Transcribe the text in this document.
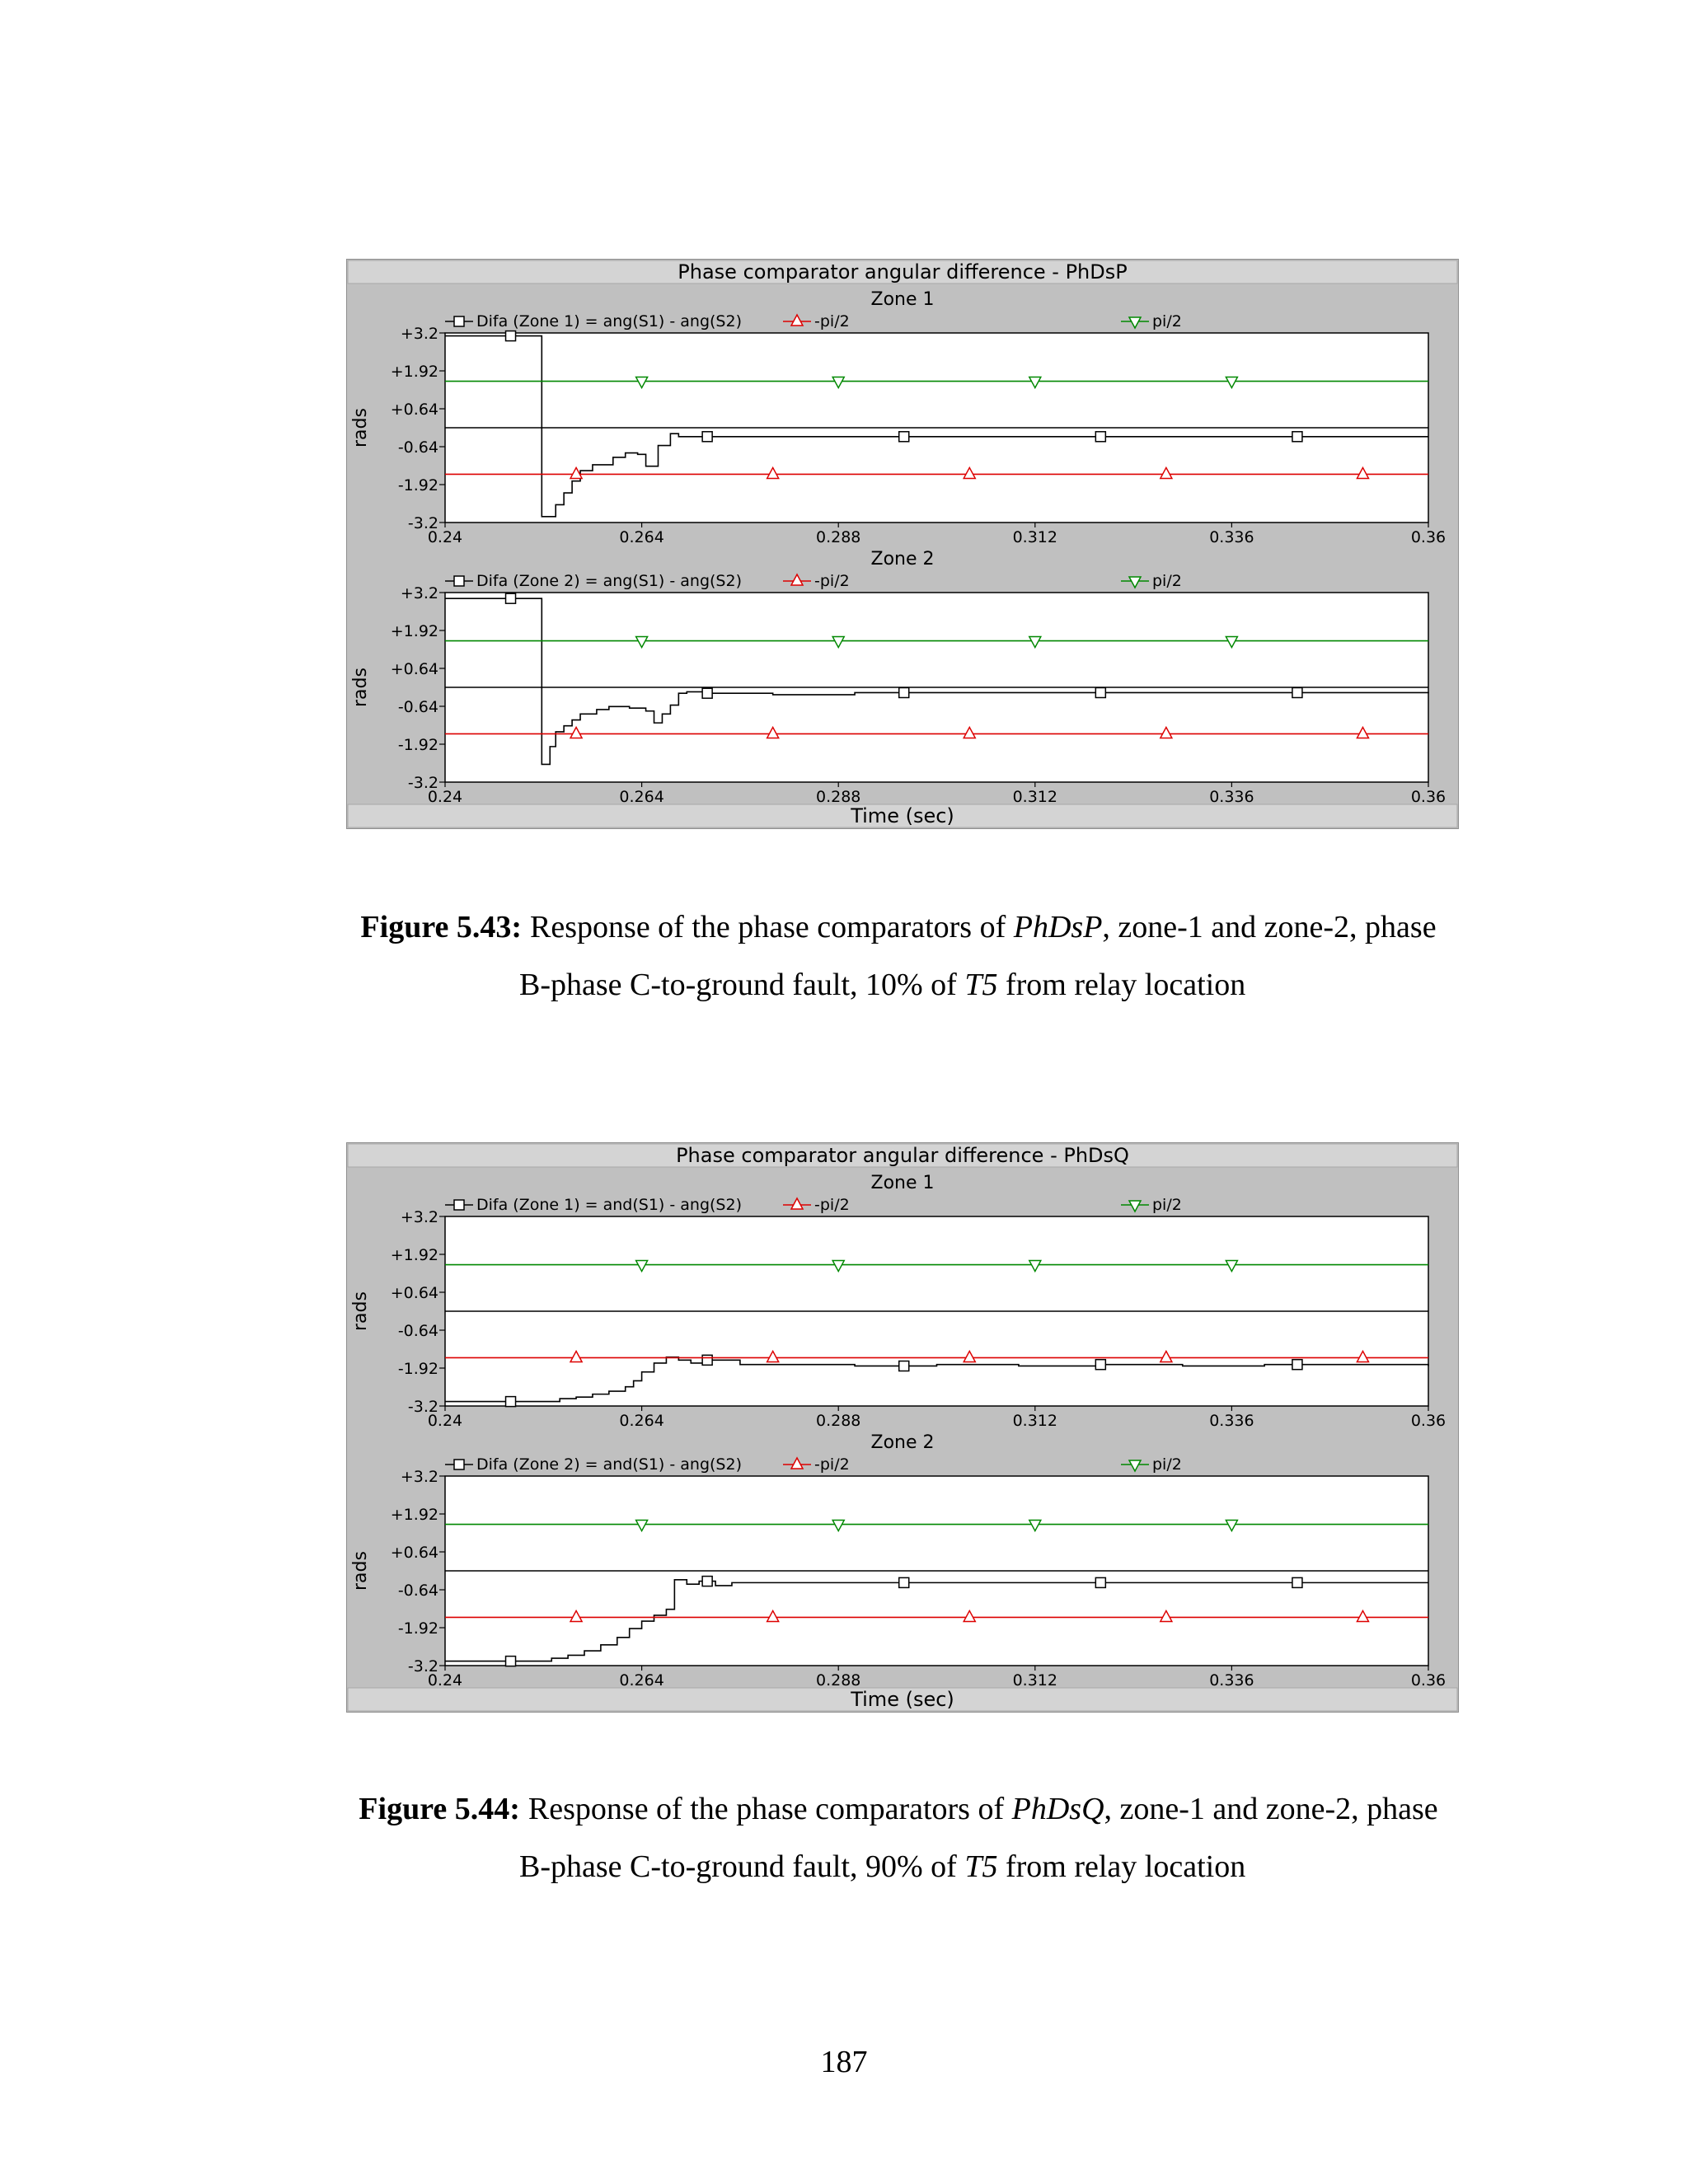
Phase comparator angular difference - PhDsP
Time (sec)
Zone 1
+3.2
+1.92
+0.64
-0.64
-1.92
-3.2
0.24	0.264	0.288	0.312	0.336	0.36
rads
Difa (Zone 1) = ang(S1) - ang(S2)	-pi/2	pi/2
Zone 2
+3.2
+1.92
+0.64
-0.64
-1.92
-3.2
0.24	0.264	0.288	0.312	0.336	0.36
rads
Difa (Zone 2) = ang(S1) - ang(S2)	-pi/2	pi/2
Figure 5.43: Response of the phase comparators of PhDsP, zone-1 and zone-2, phase
B-phase C-to-ground fault, 10% of T5 from relay location
Phase comparator angular difference - PhDsQ
Time (sec)
Zone 1
+3.2
+1.92
+0.64
-0.64
-1.92
-3.2
0.24	0.264	0.288	0.312	0.336	0.36
rads
Difa (Zone 1) = and(S1) - ang(S2)	-pi/2	pi/2
Zone 2
+3.2
+1.92
+0.64
-0.64
-1.92
-3.2
0.24	0.264	0.288	0.312	0.336	0.36
rads
Difa (Zone 2) = and(S1) - ang(S2)	-pi/2	pi/2
Figure 5.44: Response of the phase comparators of PhDsQ, zone-1 and zone-2, phase
B-phase C-to-ground fault, 90% of T5 from relay location
187
